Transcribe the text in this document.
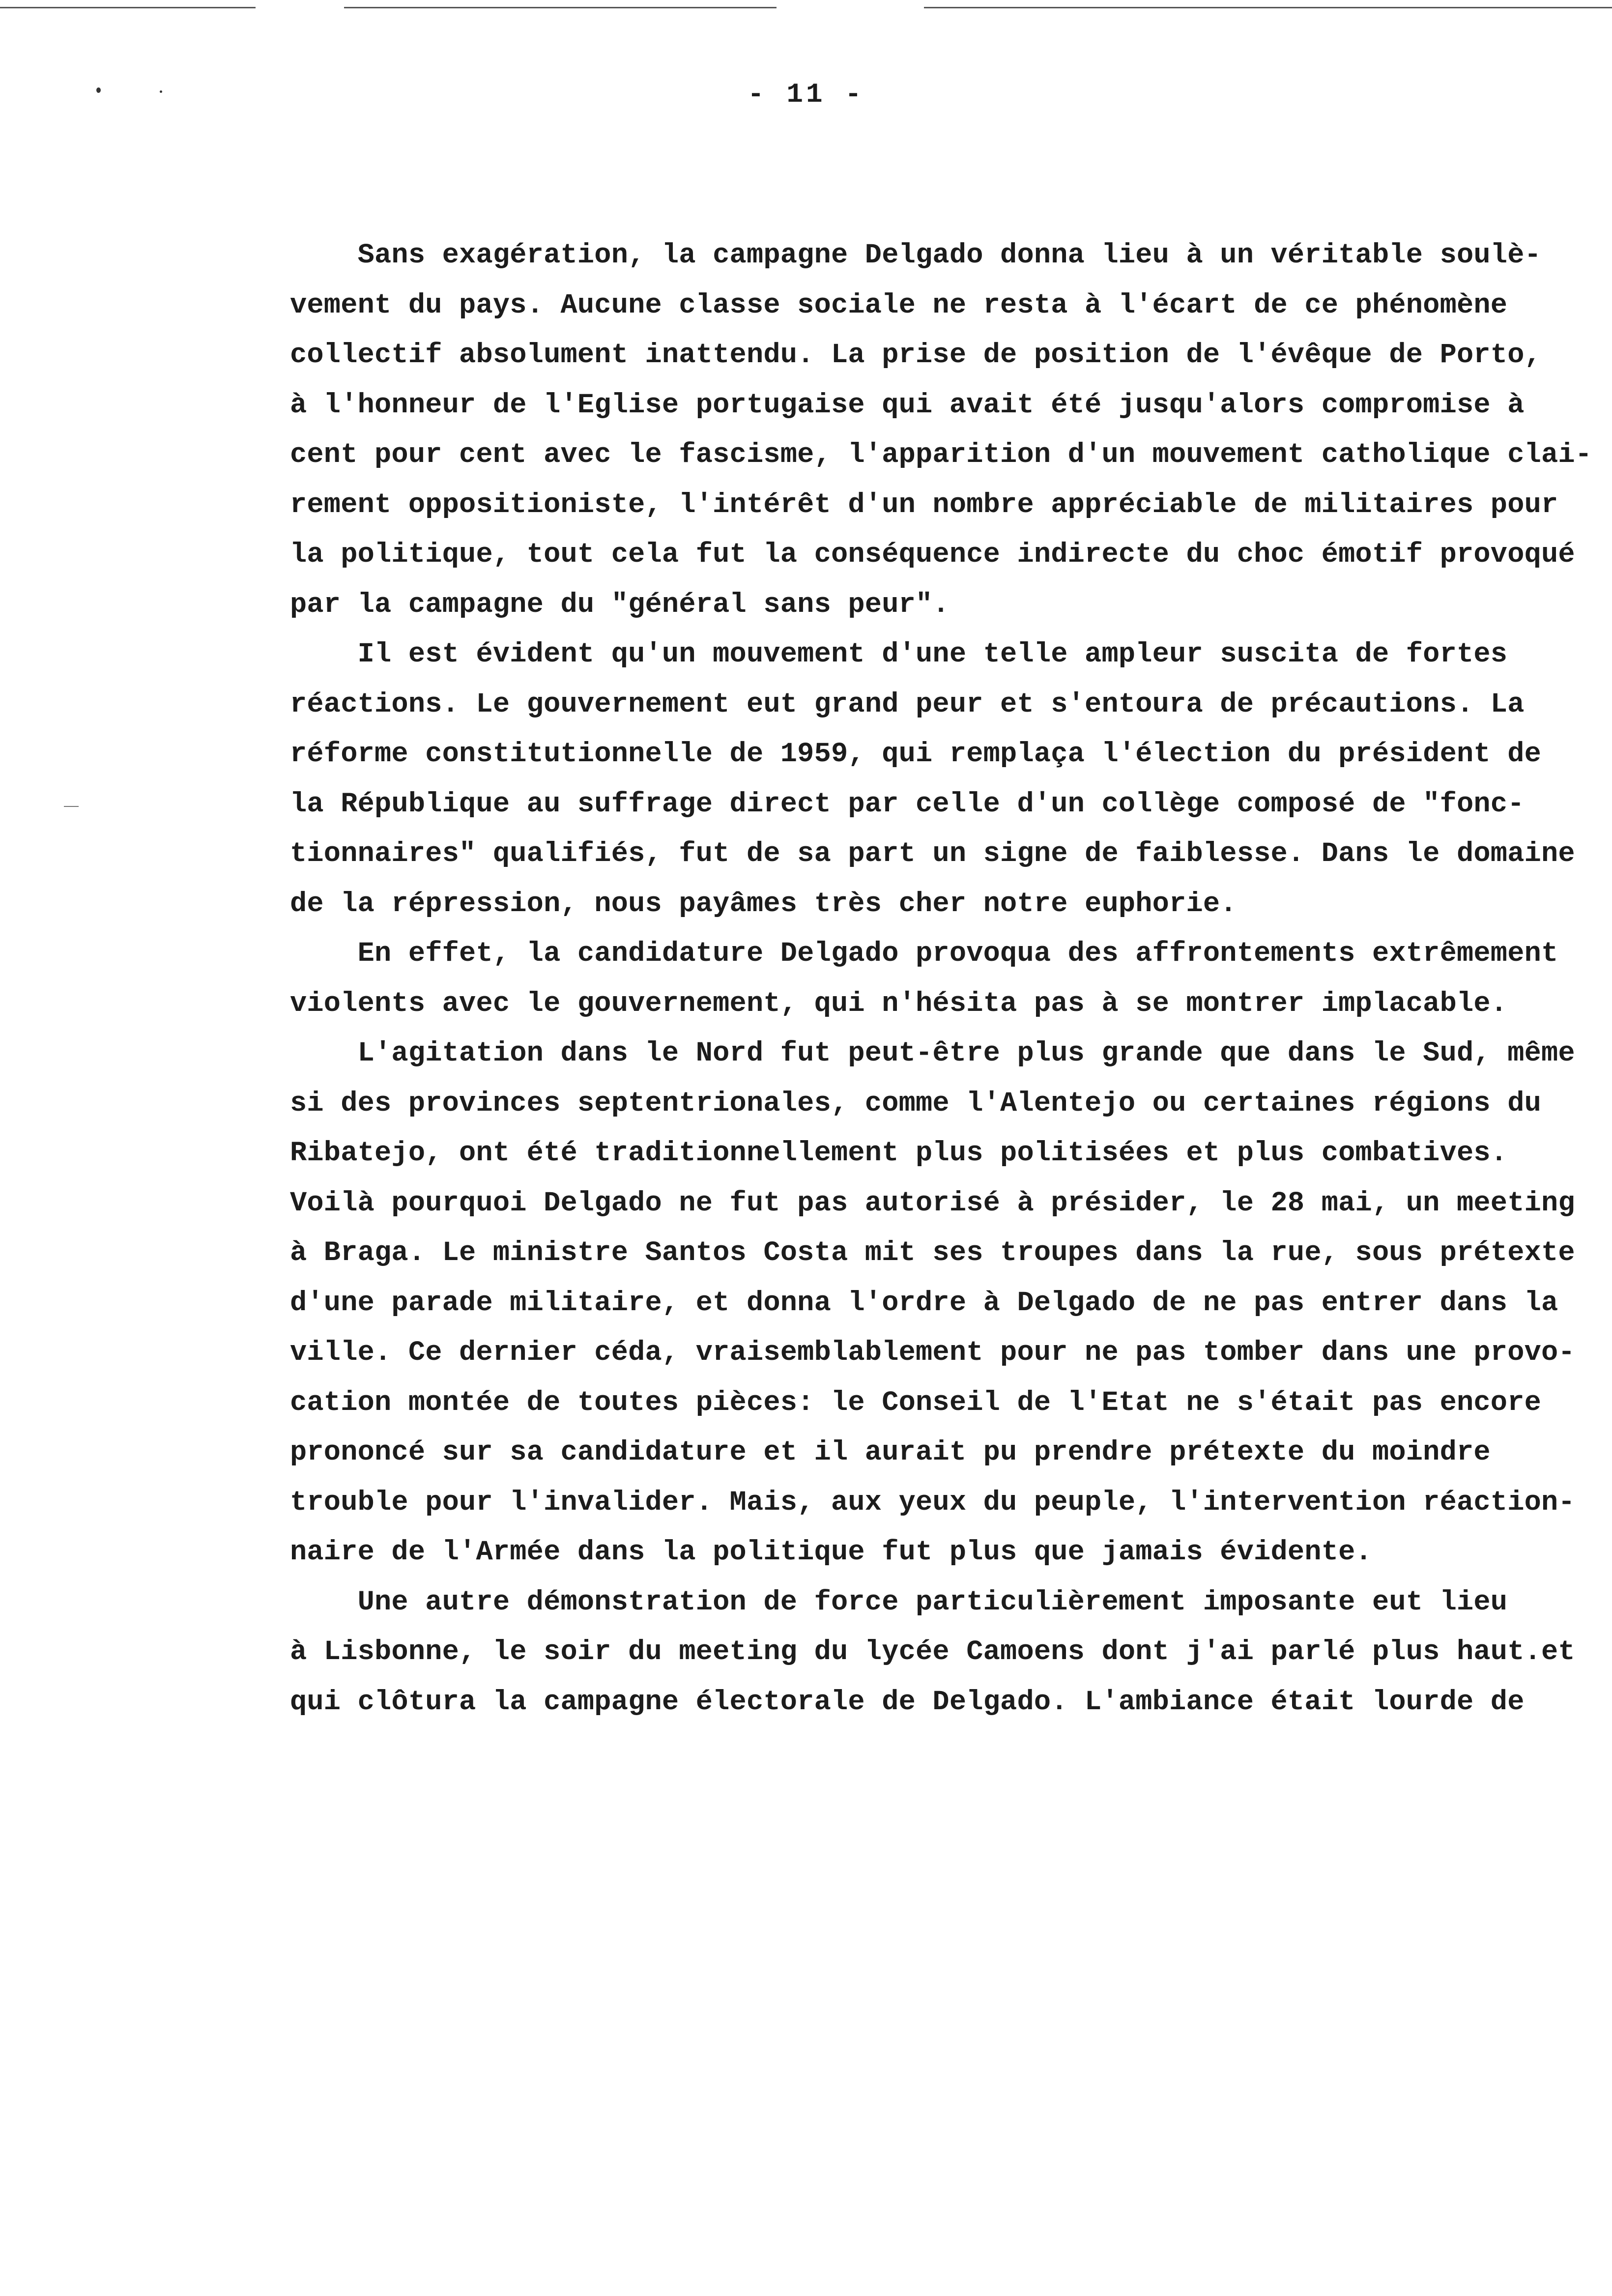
- 11 -
Sans exagération, la campagne Delgado donna lieu à un véritable soulè-
vement du pays. Aucune classe sociale ne resta à l'écart de ce phénomène
collectif absolument inattendu. La prise de position de l'évêque de Porto,
à l'honneur de l'Eglise portugaise qui avait été jusqu'alors compromise à
cent pour cent avec le fascisme, l'apparition d'un mouvement catholique clai-
rement oppositioniste, l'intérêt d'un nombre appréciable de militaires pour
la politique, tout cela fut la conséquence indirecte du choc émotif provoqué
par la campagne du "général sans peur".
Il est évident qu'un mouvement d'une telle ampleur suscita de fortes
réactions. Le gouvernement eut grand peur et s'entoura de précautions. La
réforme constitutionnelle de 1959, qui remplaça l'élection du président de
la République au suffrage direct par celle d'un collège composé de "fonc-
tionnaires" qualifiés, fut de sa part un signe de faiblesse. Dans le domaine
de la répression, nous payâmes très cher notre euphorie.
En effet, la candidature Delgado provoqua des affrontements extrêmement
violents avec le gouvernement, qui n'hésita pas à se montrer implacable.
L'agitation dans le Nord fut peut-être plus grande que dans le Sud, même
si des provinces septentrionales, comme l'Alentejo ou certaines régions du
Ribatejo, ont été traditionnellement plus politisées et plus combatives.
Voilà pourquoi Delgado ne fut pas autorisé à présider, le 28 mai, un meeting
à Braga. Le ministre Santos Costa mit ses troupes dans la rue, sous prétexte
d'une parade militaire, et donna l'ordre à Delgado de ne pas entrer dans la
ville. Ce dernier céda, vraisemblablement pour ne pas tomber dans une provo-
cation montée de toutes pièces: le Conseil de l'Etat ne s'était pas encore
prononcé sur sa candidature et il aurait pu prendre prétexte du moindre
trouble pour l'invalider. Mais, aux yeux du peuple, l'intervention réaction-
naire de l'Armée dans la politique fut plus que jamais évidente.
Une autre démonstration de force particulièrement imposante eut lieu
à Lisbonne, le soir du meeting du lycée Camoens dont j'ai parlé plus haut.et
qui clôtura la campagne électorale de Delgado. L'ambiance était lourde de
